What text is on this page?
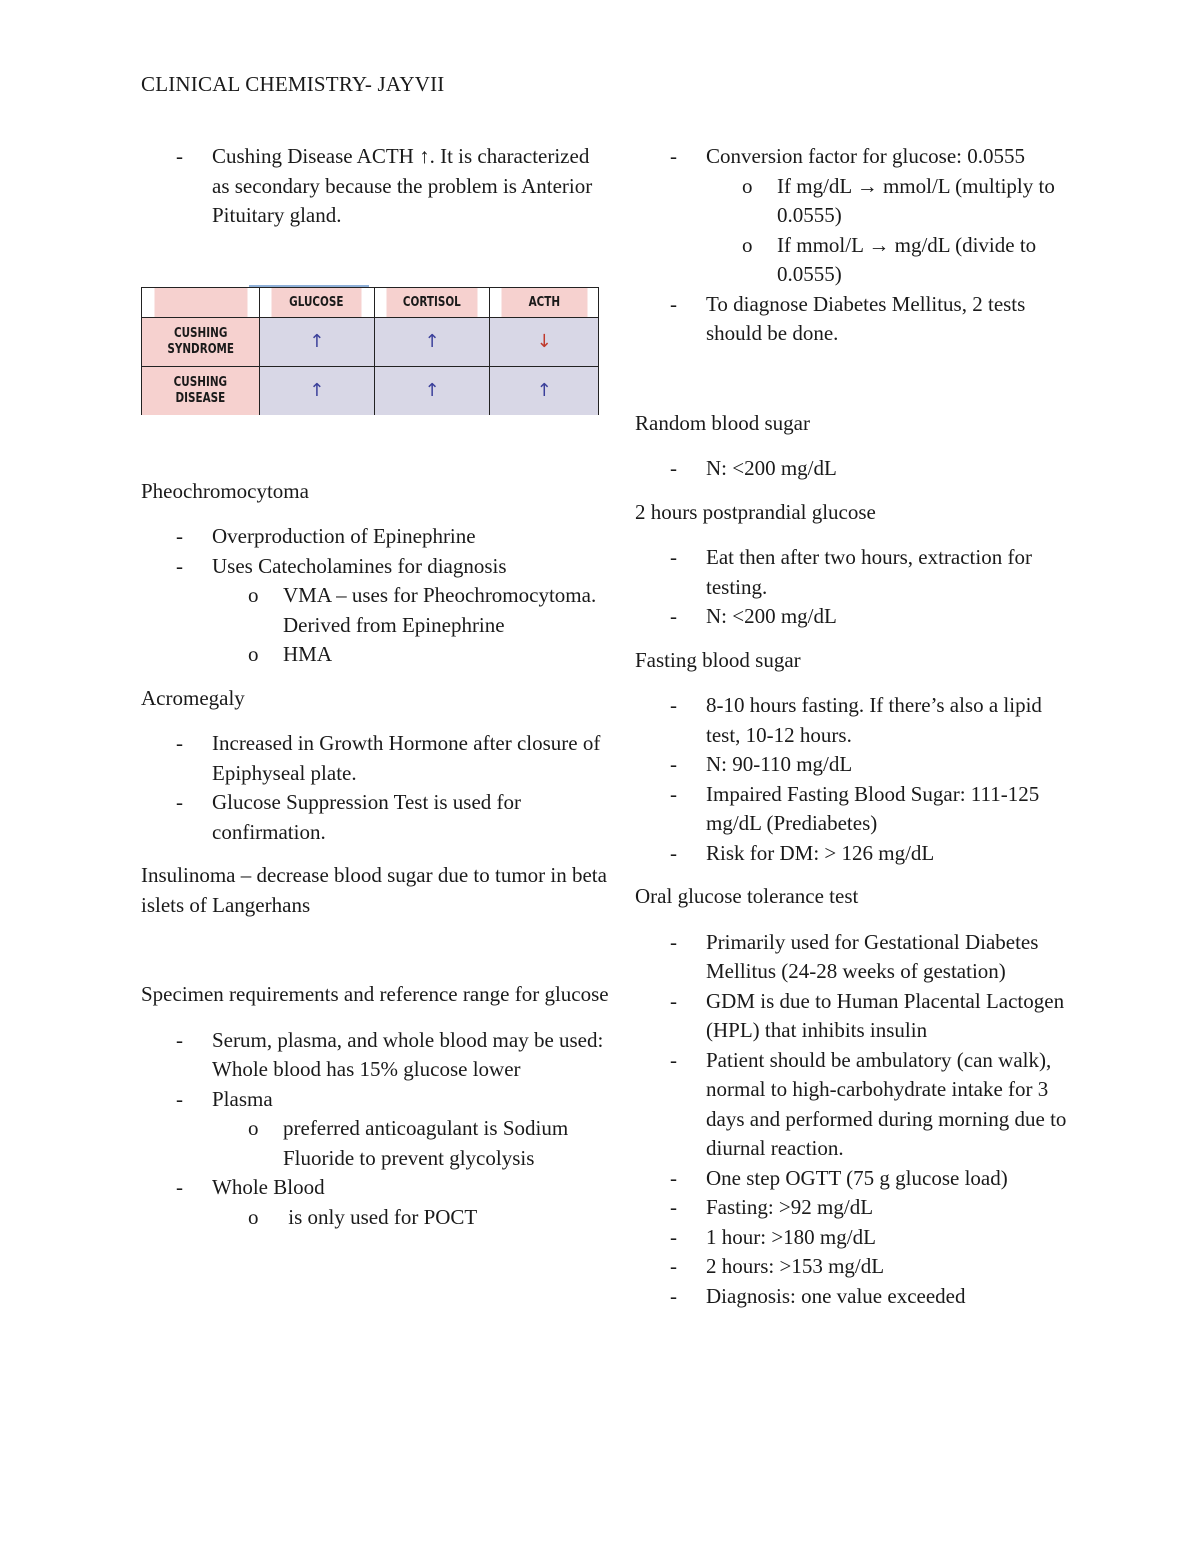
CLINICAL CHEMISTRY- JAYVII
- Cushing Disease ACTH ↑. It is characterized as secondary because the problem is Anterior Pituitary gland.
	GLUCOSE	CORTISOL	ACTH
CUSHING
SYNDROME	↑	↑	↓
CUSHING
DISEASE	↑	↑	↑

Pheochromocytoma

- Overproduction of Epinephrine
- Uses Catecholamines for diagnosis
o VMA – uses for Pheochromocytoma. Derived from Epinephrine
o HMA

Acromegaly

- Increased in Growth Hormone after closure of Epiphyseal plate.
- Glucose Suppression Test is used for confirmation.

Insulinoma – decrease blood sugar due to tumor in beta islets of Langerhans

Specimen requirements and reference range for glucose

- Serum, plasma, and whole blood may be used: Whole blood has 15% glucose lower
- Plasma
o preferred anticoagulant is Sodium Fluoride to prevent glycolysis
- Whole Blood
o  is only used for POCT
- Conversion factor for glucose: 0.0555
o If mg/dL → mmol/L (multiply to 0.0555)
o If mmol/L → mg/dL (divide to 0.0555)
- To diagnose Diabetes Mellitus, 2 tests should be done.

Random blood sugar

- N: <200 mg/dL

2 hours postprandial glucose

- Eat then after two hours, extraction for testing.
- N: <200 mg/dL

Fasting blood sugar

- 8-10 hours fasting. If there’s also a lipid test, 10-12 hours.
- N: 90-110 mg/dL
- Impaired Fasting Blood Sugar: 111-125 mg/dL (Prediabetes)
- Risk for DM: > 126 mg/dL

Oral glucose tolerance test

- Primarily used for Gestational Diabetes Mellitus (24-28 weeks of gestation)
- GDM is due to Human Placental Lactogen (HPL) that inhibits insulin
- Patient should be ambulatory (can walk), normal to high-carbohydrate intake for 3 days and performed during morning due to diurnal reaction.
- One step OGTT (75 g glucose load)
- Fasting: >92 mg/dL
- 1 hour: >180 mg/dL
- 2 hours: >153 mg/dL
- Diagnosis: one value exceeded
